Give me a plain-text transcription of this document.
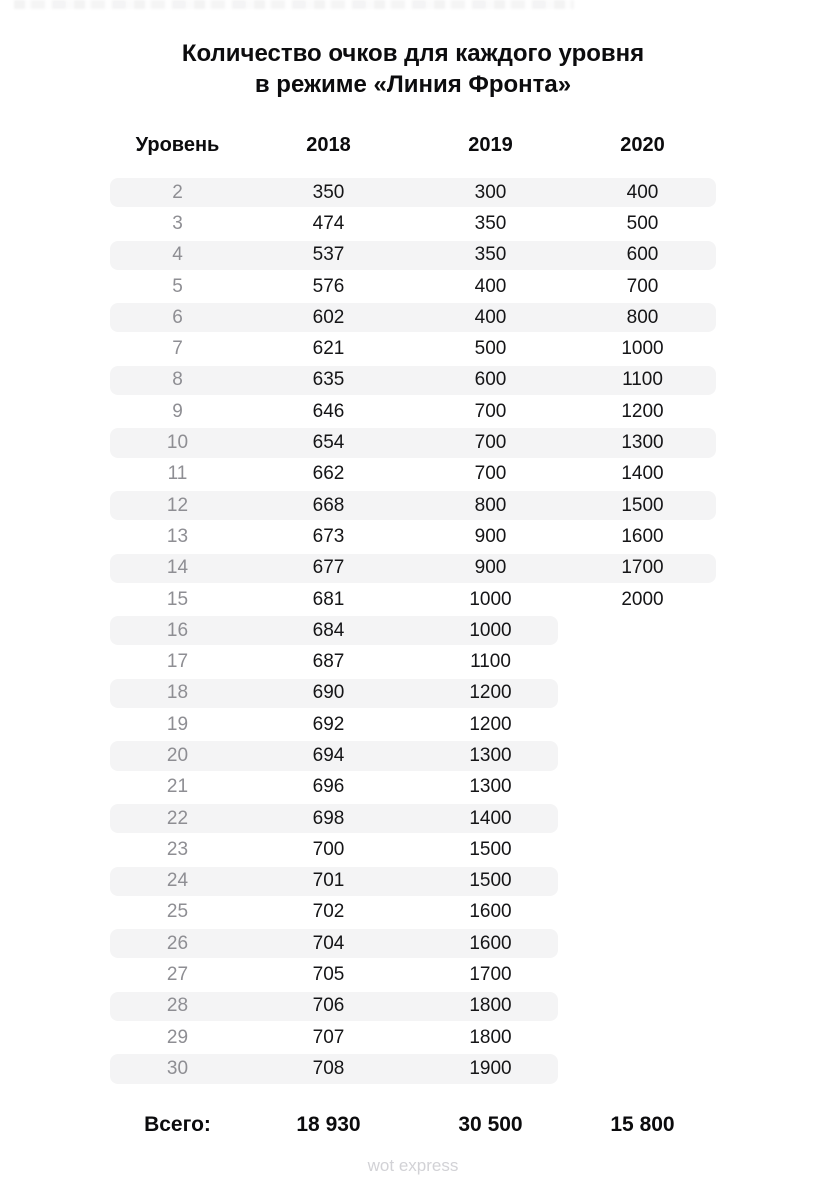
Количество очков для каждого уровня
в режиме «Линия Фронта»
Уровень	2018	2019	2020
2	350	300	400
3	474	350	500
4	537	350	600
5	576	400	700
6	602	400	800
7	621	500	1000
8	635	600	1100
9	646	700	1200
10	654	700	1300
11	662	700	1400
12	668	800	1500
13	673	900	1600
14	677	900	1700
15	681	1000	2000
16	684	1000
17	687	1100
18	690	1200
19	692	1200
20	694	1300
21	696	1300
22	698	1400
23	700	1500
24	701	1500
25	702	1600
26	704	1600
27	705	1700
28	706	1800
29	707	1800
30	708	1900
Всего:	18 930	30 500	15 800
wot express
